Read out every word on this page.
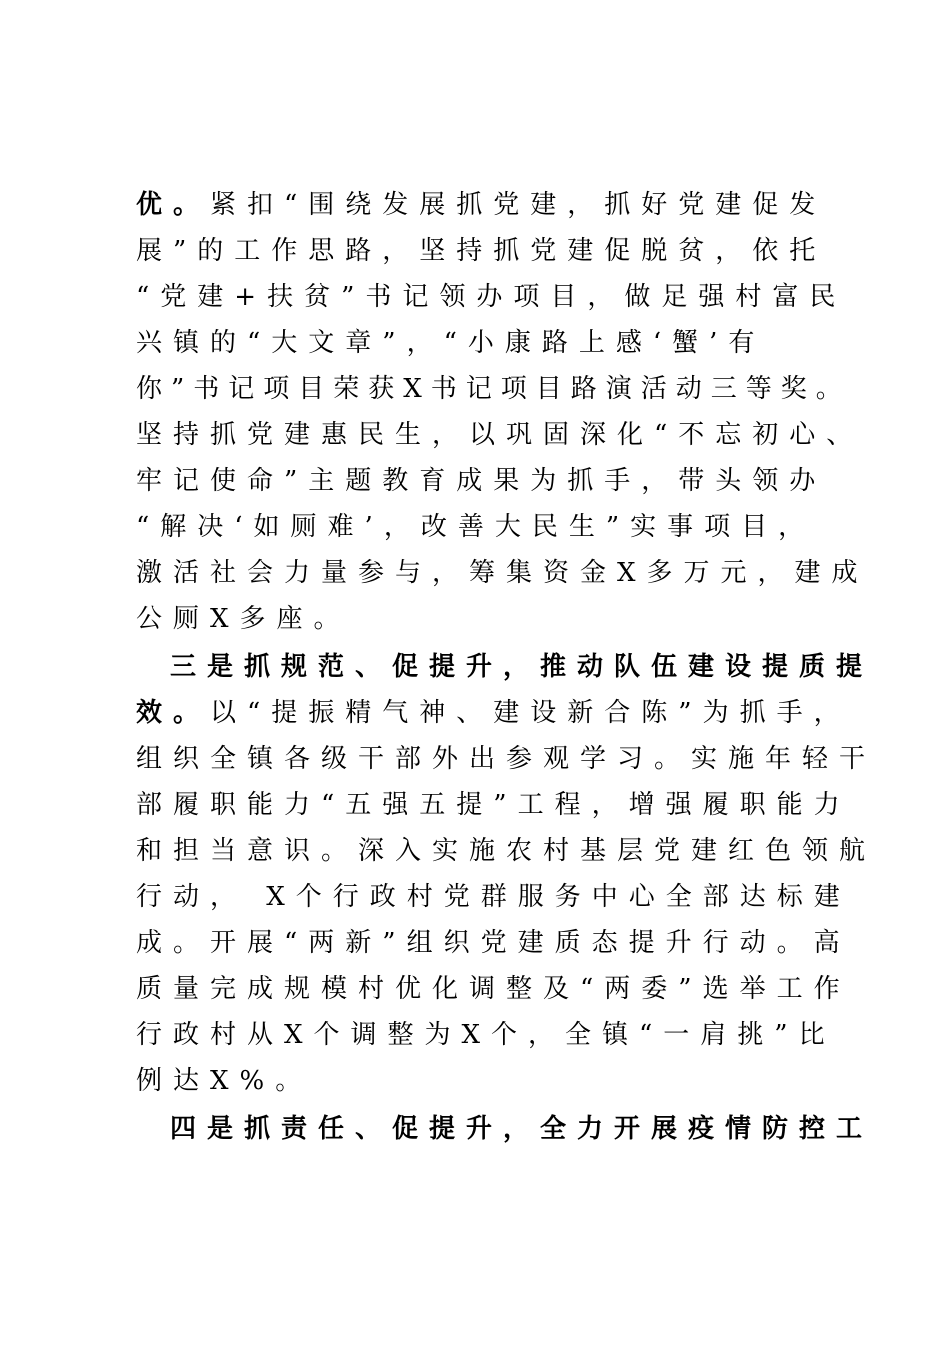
优。紧扣“围绕发展抓党建，抓好党建促发
展”的工作思路，坚持抓党建促脱贫，依托
“党建+扶贫”书记领办项目，做足强村富民
兴镇的“大文章”，“小康路上感‘蟹’有
你”书记项目荣获X书记项目路演活动三等奖。
坚持抓党建惠民生，以巩固深化“不忘初心、
牢记使命”主题教育成果为抓手，带头领办
“解决‘如厕难’，改善大民生”实事项目，
激活社会力量参与，筹集资金X多万元，建成
公厕X多座。
三是抓规范、促提升，推动队伍建设提质提
效。以“提振精气神、建设新合陈”为抓手，
组织全镇各级干部外出参观学习。实施年轻干
部履职能力“五强五提”工程，增强履职能力
和担当意识。深入实施农村基层党建红色领航
行动， X个行政村党群服务中心全部达标建
成。开展“两新”组织党建质态提升行动。高
质量完成规模村优化调整及“两委”选举工作
行政村从X个调整为X个，全镇“一肩挑”比
例达X%。
四是抓责任、促提升，全力开展疫情防控工
